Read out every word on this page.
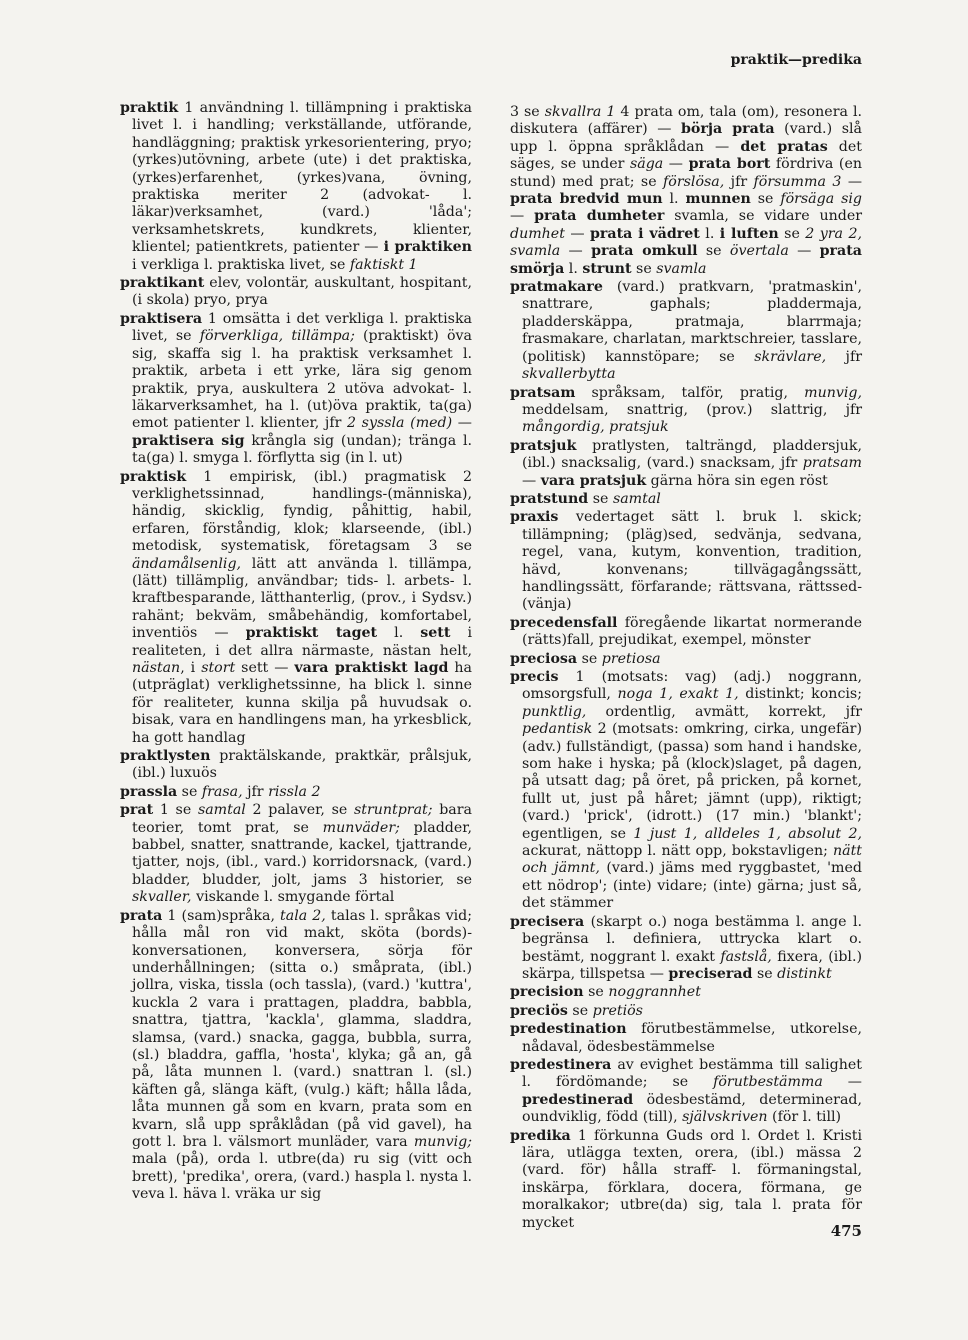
praktik—predika

praktik 1 användning l. tillämpning i praktiska livet l. i handling; verkställande, utförande, handläggning; praktisk yrkesorientering, pryo; (yrkes)utövning, arbete (ute) i det praktiska, (yrkes)erfarenhet, (yrkes)vana, övning, praktiska meriter 2 (advokat- l. läkar)verksamhet, (vard.) 'låda'; verksamhetskrets, kundkrets, klienter, klientel; patientkrets, patienter — i praktiken i verkliga l. praktiska livet, se faktiskt 1

praktikant elev, volontär, auskultant, hospitant, (i skola) pryo, prya

praktisera 1 omsätta i det verkliga l. praktiska livet, se förverkliga, tillämpa; (praktiskt) öva sig, skaffa sig l. ha praktisk verksamhet l. praktik, arbeta i ett yrke, lära sig genom praktik, prya, auskultera 2 utöva advokat- l. läkarverksamhet, ha l. (ut)öva praktik, ta(ga) emot patienter l. klienter, jfr 2 syssla (med) — praktisera sig krångla sig (undan); tränga l. ta(ga) l. smyga l. förflytta sig (in l. ut)

praktisk 1 empirisk, (ibl.) pragmatisk 2 verklighetssinnad, handlings-(människa), händig, skicklig, fyndig, påhittig, habil, erfaren, förståndig, klok; klarseende, (ibl.) metodisk, systematisk, företagsam 3 se ändamålsenlig, lätt att använda l. tillämpa, (lätt) tillämplig, användbar; tids- l. arbets- l. kraftbesparande, lätthanterlig, (prov., i Sydsv.) rahänt; bekväm, småbehändig, komfortabel, inventiös — praktiskt taget l. sett i realiteten, i det allra närmaste, nästan helt, nästan, i stort sett — vara praktiskt lagd ha (utpräglat) verklighetssinne, ha blick l. sinne för realiteter, kunna skilja på huvudsak o. bisak, vara en handlingens man, ha yrkesblick, ha gott handlag

praktlysten praktälskande, praktkär, prålsjuk, (ibl.) luxuös

prassla se frasa, jfr rissla 2

prat 1 se samtal 2 palaver, se struntprat; bara teorier, tomt prat, se munväder; pladder, babbel, snatter, snattrande, kackel, tjattrande, tjatter, nojs, (ibl., vard.) korridorsnack, (vard.) bladder, bludder, jolt, jams 3 historier, se skvaller, viskande l. smygande förtal

prata 1 (sam)språka, tala 2, talas l. språkas vid; hålla mål ron vid makt, sköta (bords)-konversationen, konversera, sörja för underhållningen; (sitta o.) småprata, (ibl.) jollra, viska, tissla (och tassla), (vard.) 'kuttra', kuckla 2 vara i prattagen, pladdra, babbla, snattra, tjattra, 'kackla', glamma, sladdra, slamsa, (vard.) snacka, gagga, bubbla, surra, (sl.) bladdra, gaffla, 'hosta', klyka; gå an, gå på, låta munnen l. (vard.) snattran l. (sl.) käften gå, slänga käft, (vulg.) käft; hålla låda, låta munnen gå som en kvarn, prata som en kvarn, slå upp språklådan (på vid gavel), ha gott l. bra l. välsmort munläder, vara munvig; mala (på), orda l. utbre(da) ru sig (vitt och brett), 'predika', orera, (vard.) haspla l. nysta l. veva l. häva l. vräka ur sig

3 se skvallra 1 4 prata om, tala (om), resonera l. diskutera (affärer) — börja prata (vard.) slå upp l. öppna språklådan — det pratas det säges, se under säga — prata bort fördriva (en stund) med prat; se förslösa, jfr försumma 3 — prata bredvid mun l. munnen se försäga sig — prata dumheter svamla, se vidare under dumhet — prata i vädret l. i luften se 2 yra 2, svamla — prata omkull se övertala — prata smörja l. strunt se svamla

pratmakare (vard.) pratkvarn, 'pratmaskin', snattrare, gaphals; pladdermaja, pladderskäppa, pratmaja, blarrmaja; frasmakare, charlatan, marktschreier, tasslare, (politisk) kannstöpare; se skrävlare, jfr skvallerbytta

pratsam språksam, talför, pratig, munvig, meddelsam, snattrig, (prov.) slattrig, jfr mångordig, pratsjuk

pratsjuk pratlysten, talträngd, pladdersjuk, (ibl.) snacksalig, (vard.) snacksam, jfr pratsam — vara pratsjuk gärna höra sin egen röst

pratstund se samtal

praxis vedertaget sätt l. bruk l. skick; tillämpning; (pläg)sed, sedvänja, sedvana, regel, vana, kutym, konvention, tradition, hävd, konvenans; tillvägagångssätt, handlingssätt, förfarande; rättsvana, rättssed-(vänja)

precedensfall föregående likartat normerande (rätts)fall, prejudikat, exempel, mönster

preciosa se pretiosa

precis 1 (motsats: vag) (adj.) noggrann, omsorgsfull, noga 1, exakt 1, distinkt; koncis; punktlig, ordentlig, avmätt, korrekt, jfr pedantisk 2 (motsats: omkring, cirka, ungefär) (adv.) fullständigt, (passa) som hand i handske, som hake i hyska; på (klock)slaget, på dagen, på utsatt dag; på öret, på pricken, på kornet, fullt ut, just på håret; jämnt (upp), riktigt; (vard.) 'prick', (idrott.) (17 min.) 'blankt'; egentligen, se 1 just 1, alldeles 1, absolut 2, ackurat, nättopp l. nätt opp, bokstavligen; nätt och jämnt, (vard.) jäms med ryggbastet, 'med ett nödrop'; (inte) vidare; (inte) gärna; just så, det stämmer

precisera (skarpt o.) noga bestämma l. ange l. begränsa l. definiera, uttrycka klart o. bestämt, noggrant l. exakt fastslå, fixera, (ibl.) skärpa, tillspetsa — preciserad se distinkt

precision se noggrannhet

preciös se pretiös

predestination förutbestämmelse, utkorelse, nådaval, ödesbestämmelse

predestinera av evighet bestämma till salighet l. fördömande; se förutbestämma — predestinerad ödesbestämd, determinerad, oundviklig, född (till), självskriven (för l. till)

predika 1 förkunna Guds ord l. Ordet l. Kristi lära, utlägga texten, orera, (ibl.) mässa 2 (vard. för) hålla straff- l. förmaningstal, inskärpa, förklara, docera, förmana, ge moralkakor; utbre(da) sig, tala l. prata för mycket	475
